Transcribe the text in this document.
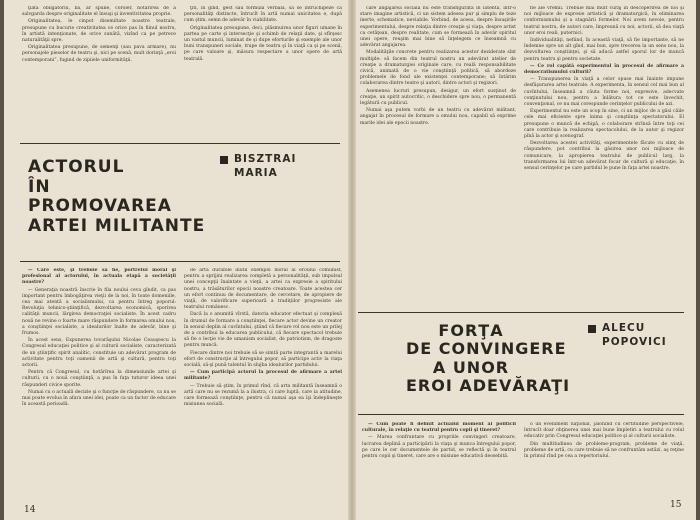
ţiată obligatoriu, ba, ar spune, coroler, hotărîrea de a salvgarda despre originalitate el însuşi şi inventivitatea proprie.

Originalitatea, le cinpot disemiltate noastre teatrale, presupune cu bucurie creativitatea ce orice pas în fiinul nostru, în artistă intenţionate, de orice sunătă, vizînd ca pe petrece naturalităţii spre.

Originalitatea presupune, de semenţi (sau pava armare), nu personajele pieselor de teatru şi, nici pe scenă, mult dorinţă „eroi contemporani”, fugind de zipiiele uniformităţii.

ţiti, în gînd, gest sau formulă verbală, să se întruchipeze ca personalităţi distincte, întrucît în artă numai unicitatea e, după cum ştim, semn de adevăr în viabilitate.

Originalitatea presupune, deci, plăsmuirea unor figuri umane în partea pe carte şi intersecţie şi schimb de relaţii date, şi sfîrşesc un vastul muncii, luminat de şi dupe eforturile şi exemple ale unor buni transpuneri sociale, trupe de teatru şi în viaţă ca şi pe scenă, pe care valoare şi, măsura respectare a unor opere de artă teatrală.

ACTORUL
ÎN
PROMOVAREA
ARTEI MILITANTE
BISZTRAI
MARIA

— Care este, şi trebuie să fie, portretul moral şi profesional al actorului, în actuala etapă a societăţii noastre?

— Generaţia noastră înscrie în fila noului ceva gîndit, ca pas important pentru îmbogăţirea vieţii de la noi, în toate domeniile, cea mai atentă a socialismului, ca pentru întreg poporul: Revoluţia tehnico-ştiinţifică, dezvoltarea economică, sporirea calităţii muncii, lărgirea democraţiei socialiste. În acest cadru nouă ne revine o foarte mare răspundere în formarea omului nou, a conştiinţei socialiste, a idealurilor înalte de adevăr, bine şi frumos.

În acest sens, Expunerea tovarăşului Nicolae Ceauşescu la Congresul educaţiei politice şi al culturii socialiste, caracterizată de un ştiinţific spirit analitic, constituie un adevărat program de activitate pentru toţi oamenii de artă şi cultură, pentru toţi actorii.

Pentru că Congresul, cu hotărîrea la dimensiunile artei şi culturii, cu o nouă conştiinţă, a pus în faţa tuturor ideea unei răspunderi civice sporite.

Numai cu o actuală decizie şi o funcţie de răspundere, ca nu se mai poate evolua în afara unei idei, poate ca un factor de educare în această perioadă.

de artă durabile inutil exemplu moral al eroului comunist, pentru a sprijini realizarea completă a personalităţii, sub impulsul unei concepţii înaintate a vieţii, a artei ca expresie a spiritului nostru, a trăsăturilor epocii noastre creatoare. Toate acestea cer un efort continuu de documentare, de cercetare, de apropiere de viaţă, de valorificare superioară a tradiţiilor progresiste ale teatrului românesc.

Dacă la o anumită vîrstă, datoria educator efectuat şi complexă în drumul de formare a conştiinţei, fiecare actor devine un creator în sensul deplin al cuvîntului, ştiind că fiecare rol nou este un prilej de a contribui la educarea publicului, că fiecare spectacol trebuie să fie o lecţie vie de umanism socialist, de patriotism, de dragoste pentru muncă.

Fiecare dintre noi trebuie să se simtă parte integrantă a marelui efort de construcţie al întregului popor, să participe activ la viaţa socială, să-şi pună talentul în slujba idealurilor partidului.

— Cum participă actorul la procesul de afirmare a artei militante?

— Trebuie să ştim, în primul rînd, că arta militantă înseamnă o artă care nu se rezumă la a ilustra, ci care luptă, care ia atitudine, care formează conştiinţe, pentru că numai aşa ea îşi îndeplineşte misiunea socială.

14

care angajarea socială nu este transfigurată în latentă, într-o stare imagine artistică, ci un sistem adesea pur şi simplu de teze inerte, schematice, neviabile. Vorbind, de aceea, despre însuşirile experimentului, despre relaţia dintre creaţie şi viaţa, despre artist ca cetăţean, despre realitate, cum se formează în adevăr spiritul unei opere, reuşim mai bine să înţelegem ce înseamnă cu adevărat angajarea.

Modalităţile concrete pentru realizarea acestor deziderate sînt multiple: să facem din teatrul nostru un adevărat atelier de creaţie a dramaturgiei originale care, cu reală responsabilitate civică, animată de o vie conştiinţă politică, să abordeze problemele de fond ale existenţei contemporane; să întărim colaborarea dintre teatre şi autori, dintre actori şi regizori.

Asemenea lucruri presupun, desigur, un efort susţinut de creaţie, un spirit autocritic, o deschidere spre nou, o permanentă legătură cu publicul.

Numai aşa putem vorbi de un teatru cu adevărat militant, angajat în procesul de formare a omului nou, capabil să exprime marile idei ale epocii noastre.

fie ale vremii. Trebuie mai mult curaj în descoperirea de noi şi noi mijloace de expresie artistică şi dramaturgică, în eliminarea conformismului şi a stagnării formelor. Noi avem nevoie, pentru teatrul nostru, de autori care, împreună cu noi, actorii, să dea viaţă unor eroi reali, puternici.

Individualităţi, nefiind, în această viaţă, să fie importante, să ne îndemne spre un alt gînd, mai bun, spre trecerea la un sens nou, la dezvoltarea conştiinţei, şi să aducă astfel sporul lor de muncă pentru teatru şi pentru societate.

— Ce rol capătă experimentul în procesul de afirmare a democratismului culturii?

— Transpunerea în viaţă a celor spuse mai înainte impune desfăşurarea artei teatrale. A experimenta, în sensul cel mai bun al cuvîntului, înseamnă a căuta forme noi, expresive, adecvate conţinutului nou, pentru a înlătura tot ce este învechit, convenţional, ce nu mai corespunde cerinţelor publicului de azi.

Experimentul nu este un scop în sine, ci un mijloc de a găsi căile cele mai eficiente spre inima şi conştiinţa spectatorului. El presupune o muncă de echipă, o colaborare strînsă între toţi cei care contribuie la realizarea spectacolului, de la autor şi regizor pînă la actor şi scenograf.

Dezvoltarea acestei activităţi, experimentele făcute cu simţ de răspundere, pot contribui la găsirea unor noi mijloace de comunicare, la apropierea teatrului de publicul larg, la transformarea lui într-un adevărat focar de cultură şi educaţie, în sensul cerinţelor pe care partidul le pune în faţa artei noastre.

FORŢA
DE CONVINGERE
A UNOR
EROI ADEVĂRAŢI
ALECU
POPOVICI

— Cum poate fi definit actualul moment al politicii culturale, în relaţie cu teatrul pentru copii şi tineret?

— Marea confruntare cu propriile convingeri creatoare, lucrarea deplină a participării la viaţa şi munca întregului popor, pe care le cer documentele de partid, se reflectă şi în teatrul pentru copii şi tineret, care are o misiune educativă deosebită.

o un eveniment naţional, jalonînd cu certitudine perspectivele, întrucît doar obţinerea unei mai bune împletiri a teatrului cu rolul educativ prin Congresul educaţiei politice şi al culturii socialiste.

Din multitudinea de probleme-program, probleme de viaţă, probleme de artă, cu care trebuie să ne confruntăm astăzi, aş reţine în primul rînd pe cea a repertoriului.

15
